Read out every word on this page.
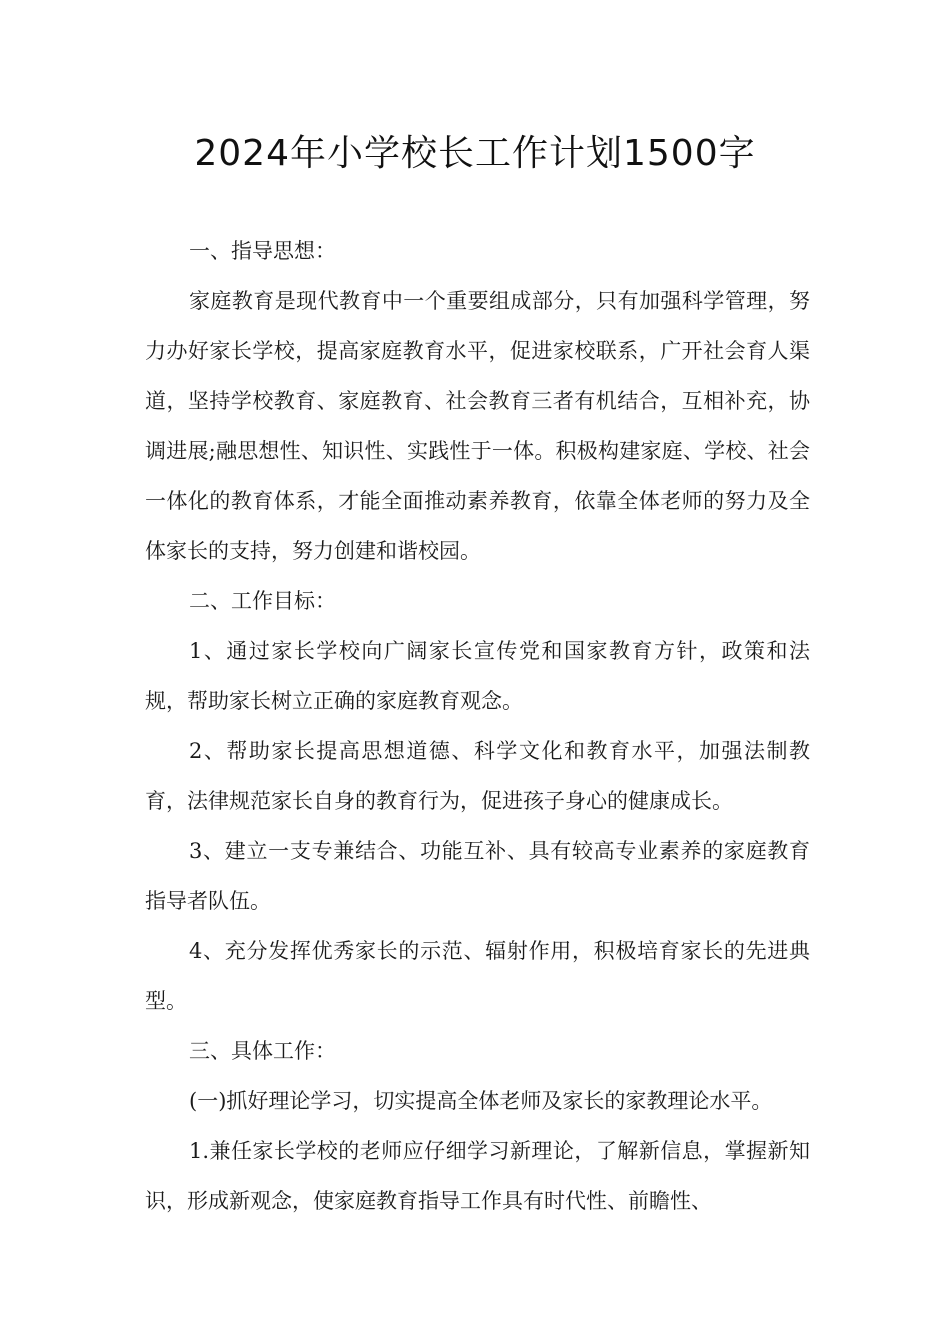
2024年小学校长工作计划1500字

一、指导思想：

家庭教育是现代教育中一个重要组成部分，只有加强科学管理，努力办好家长学校，提高家庭教育水平，促进家校联系，广开社会育人渠道，坚持学校教育、家庭教育、社会教育三者有机结合，互相补充，协调进展;融思想性、知识性、实践性于一体。积极构建家庭、学校、社会一体化的教育体系，才能全面推动素养教育，依靠全体老师的努力及全体家长的支持，努力创建和谐校园。

二、工作目标：

1、通过家长学校向广阔家长宣传党和国家教育方针，政策和法规，帮助家长树立正确的家庭教育观念。

2、帮助家长提高思想道德、科学文化和教育水平，加强法制教育，法律规范家长自身的教育行为，促进孩子身心的健康成长。

3、建立一支专兼结合、功能互补、具有较高专业素养的家庭教育指导者队伍。

4、充分发挥优秀家长的示范、辐射作用，积极培育家长的先进典型。

三、具体工作：

(一)抓好理论学习，切实提高全体老师及家长的家教理论水平。

1.兼任家长学校的老师应仔细学习新理论，了解新信息，掌握新知识，形成新观念，使家庭教育指导工作具有时代性、前瞻性、
